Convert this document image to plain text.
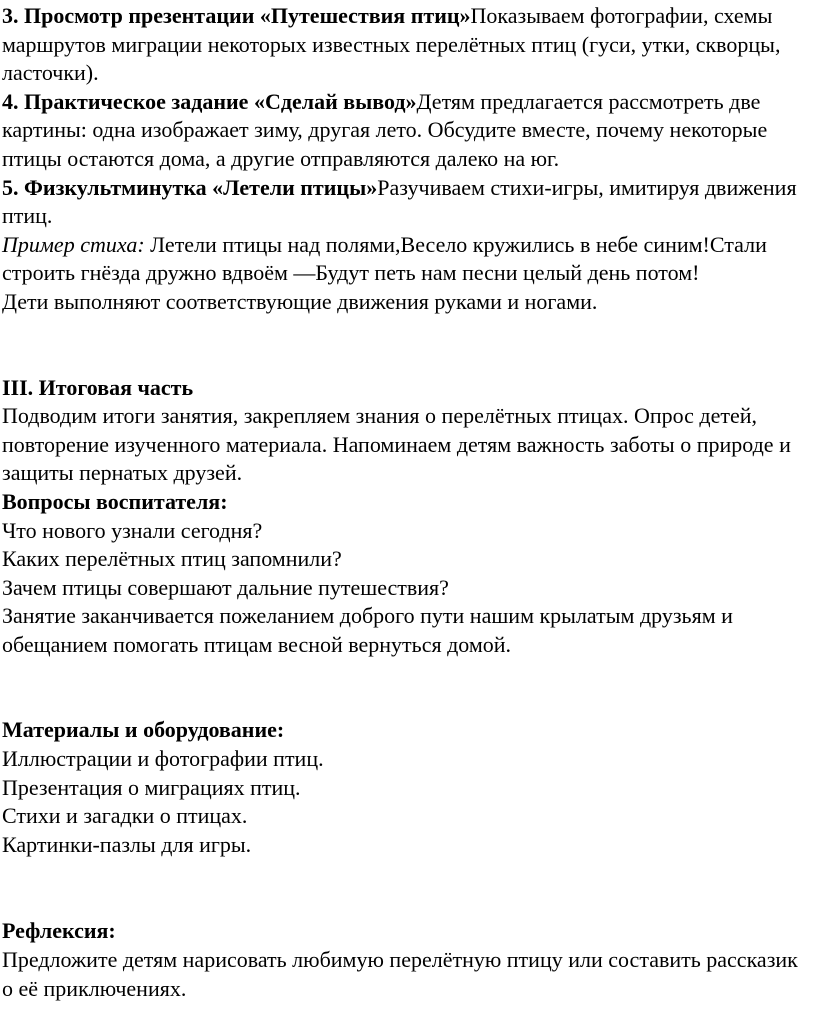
3. Просмотр презентации «Путешествия птиц»Показываем фотографии, схемы маршрутов миграции некоторых известных перелётных птиц (гуси, утки, скворцы, ласточки).

4. Практическое задание «Сделай вывод»Детям предлагается рассмотреть две картины: одна изображает зиму, другая лето. Обсудите вместе, почему некоторые птицы остаются дома, а другие отправляются далеко на юг.

5. Физкультминутка «Летели птицы»Разучиваем стихи-игры, имитируя движения птиц.

Пример стиха: Летели птицы над полями,Весело кружились в небе синим!Стали строить гнёзда дружно вдвоём —Будут петь нам песни целый день потом!

Дети выполняют соответствующие движения руками и ногами.

III. Итоговая часть

Подводим итоги занятия, закрепляем знания о перелётных птицах. Опрос детей, повторение изученного материала. Напоминаем детям важность заботы о природе и защиты пернатых друзей.

Вопросы воспитателя:

Что нового узнали сегодня?

Каких перелётных птиц запомнили?

Зачем птицы совершают дальние путешествия?

Занятие заканчивается пожеланием доброго пути нашим крылатым друзьям и обещанием помогать птицам весной вернуться домой.

Материалы и оборудование:

Иллюстрации и фотографии птиц.

Презентация о миграциях птиц.

Стихи и загадки о птицах.

Картинки-пазлы для игры.

Рефлексия:

Предложите детям нарисовать любимую перелётную птицу или составить рассказик о её приключениях.
